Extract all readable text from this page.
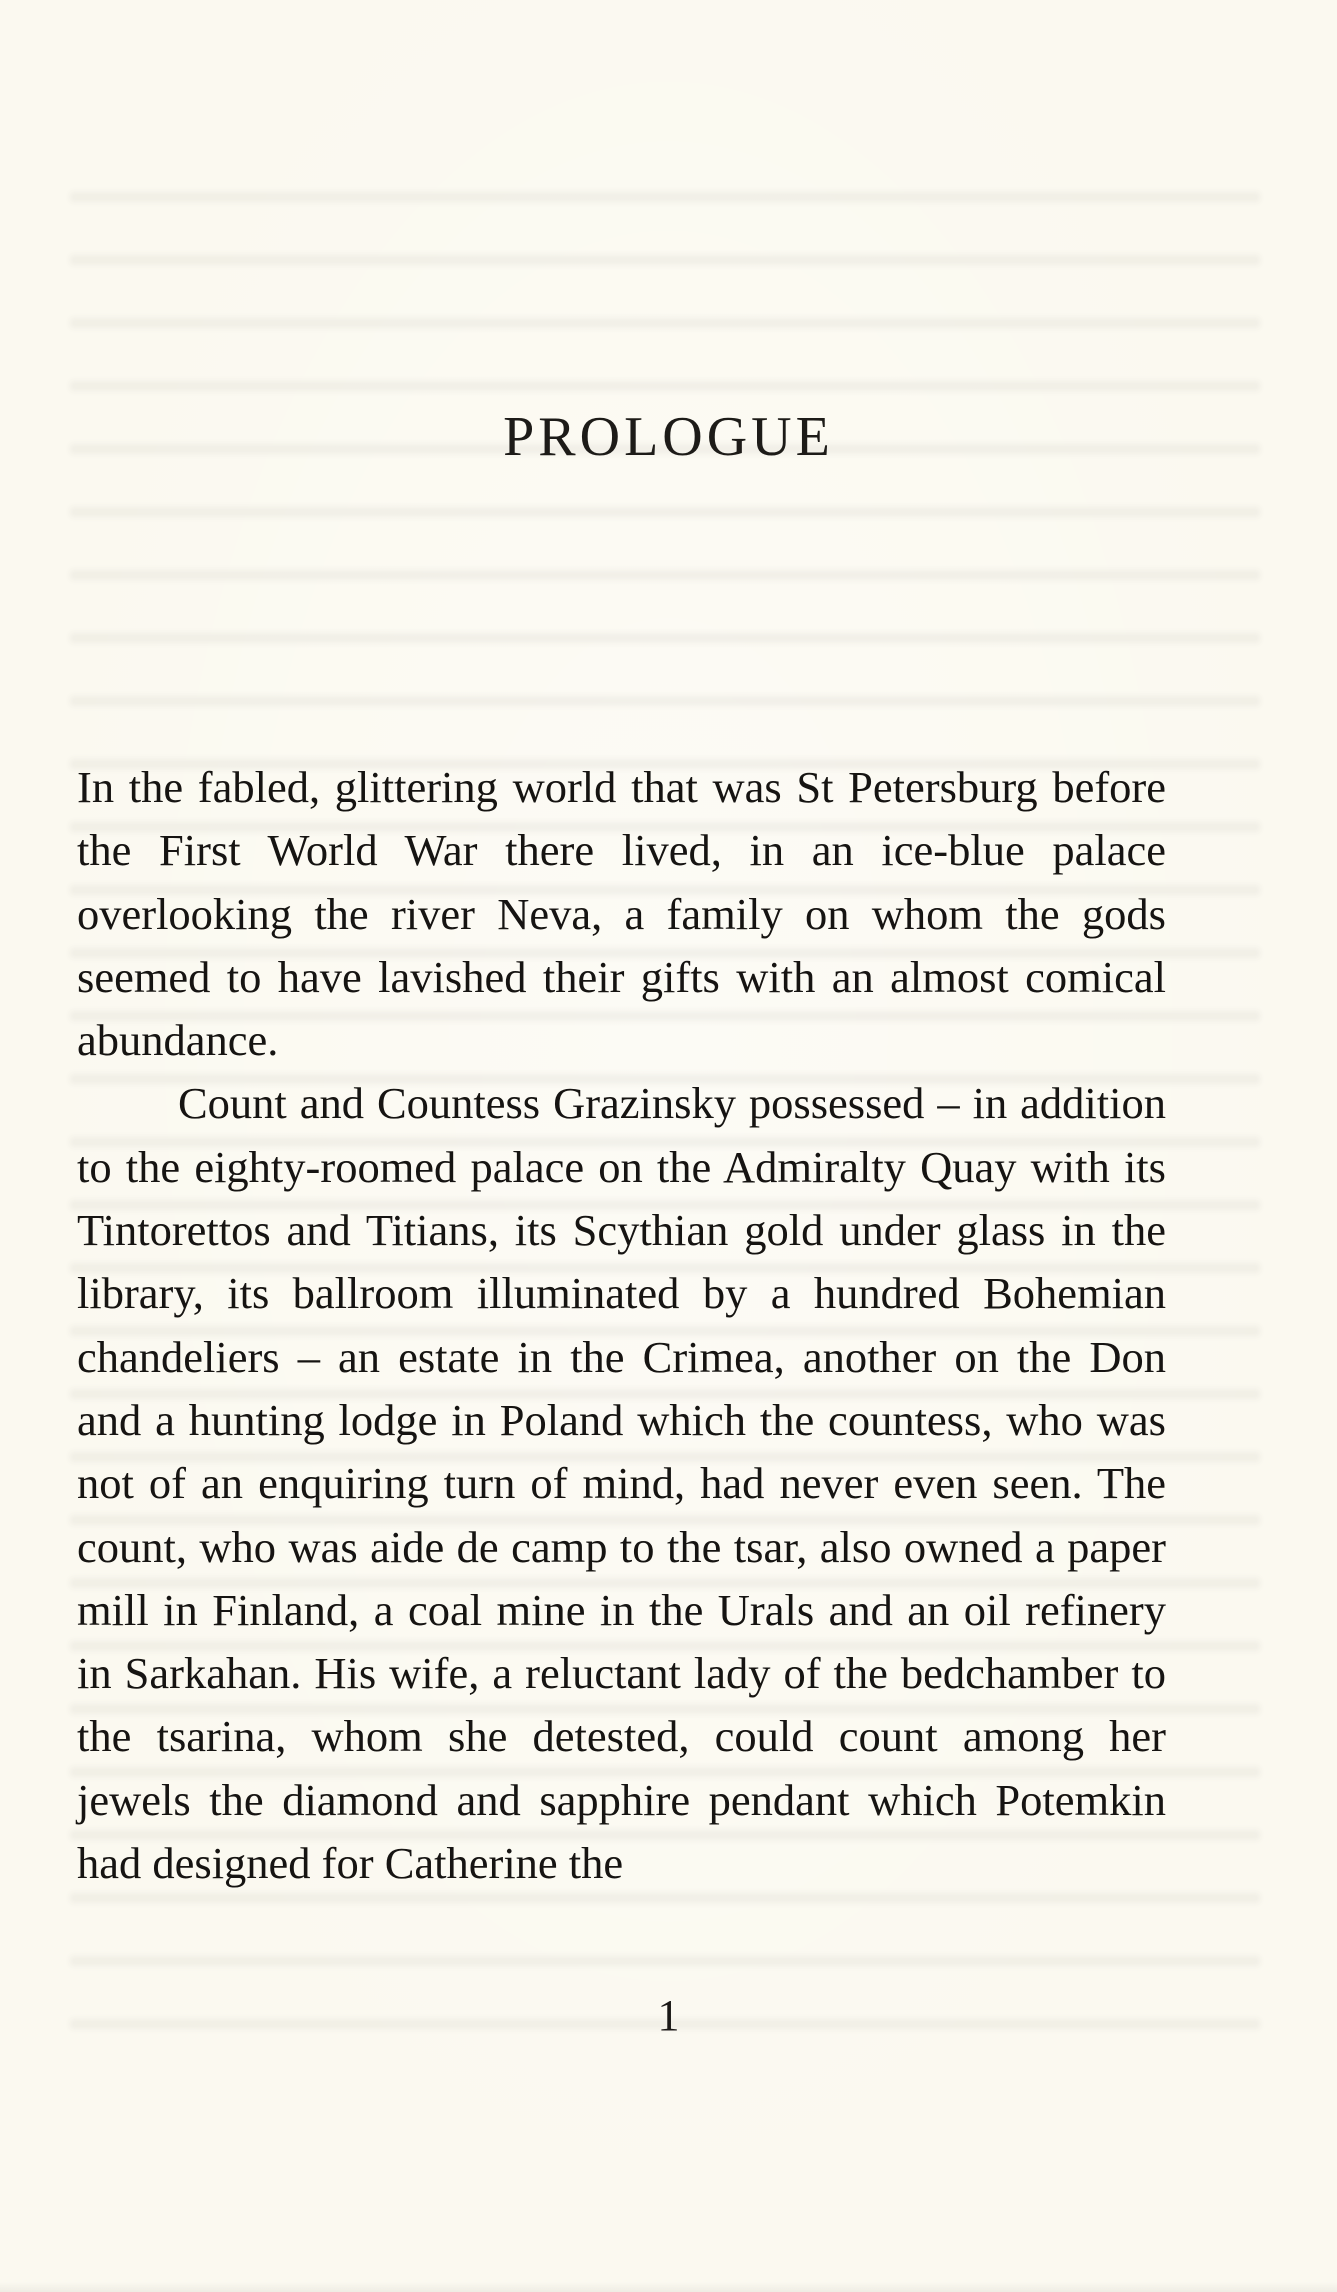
PROLOGUE

In the fabled, glittering world that was St Petersburg before the First World War there lived, in an ice-blue palace overlooking the river Neva, a family on whom the gods seemed to have lavished their gifts with an almost comical abundance.

Count and Countess Grazinsky possessed – in addition to the eighty-roomed palace on the Admiralty Quay with its Tintorettos and Titians, its Scythian gold under glass in the library, its ballroom illuminated by a hundred Bohemian chandeliers – an estate in the Crimea, another on the Don and a hunting lodge in Poland which the countess, who was not of an enquiring turn of mind, had never even seen. The count, who was aide de camp to the tsar, also owned a paper mill in Finland, a coal mine in the Urals and an oil refinery in Sarkahan. His wife, a reluctant lady of the bedchamber to the tsarina, whom she detested, could count among her jewels the diamond and sapphire pendant which Potemkin had designed for Catherine the

1
